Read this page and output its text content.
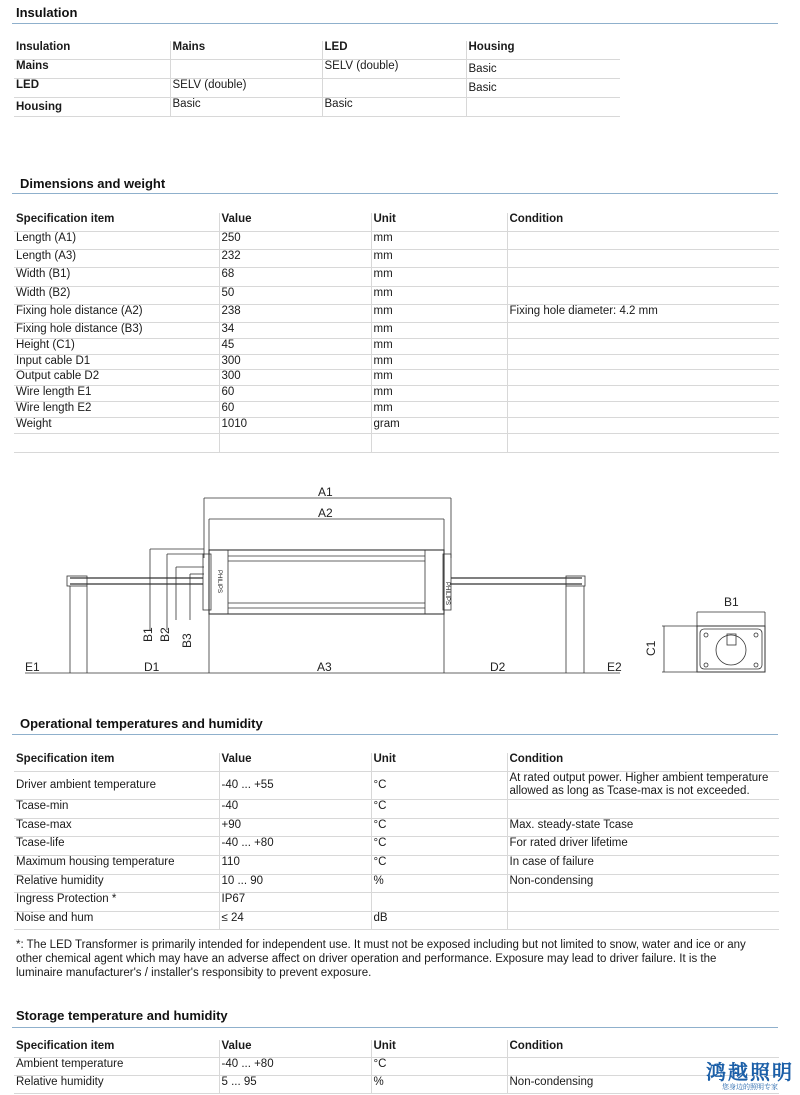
Insulation
Insulation	Mains	LED	Housing
Mains		SELV (double)	Basic
LED	SELV (double)		Basic
Housing	Basic	Basic	
Dimensions and weight
Specification item	Value	Unit	Condition
Length (A1)	250	mm	
Length (A3)	232	mm	
Width (B1)	68	mm	
Width (B2)	50	mm	
Fixing hole distance (A2)	238	mm	Fixing hole diameter: 4.2 mm
Fixing hole distance (B3)	34	mm	
Height (C1)	45	mm	
Input cable D1	300	mm	
Output cable D2	300	mm	
Wire length E1	60	mm	
Wire length E2	60	mm	
Weight	1010	gram	

PHILIPS
PHILIPS
A1
A2
A3
D1	D2
E1	E2
B1 B2 B3
B1
C1
Operational temperatures and humidity
Specification item	Value	Unit	Condition
Driver ambient temperature	-40 ... +55	°C	At rated output power. Higher ambient temperature allowed as long as Tcase-max is not exceeded.
Tcase-min	-40	°C	
Tcase-max	+90	°C	Max. steady-state Tcase
Tcase-life	-40 ... +80	°C	For rated driver lifetime
Maximum housing temperature	110	°C	In case of failure
Relative humidity	10 ... 90	%	Non-condensing
Ingress Protection *	IP67		
Noise and hum	≤ 24	dB	
*: The LED Transformer is primarily intended for independent use. It must not be exposed including but not limited to snow, water and ice or any other chemical agent which may have an adverse affect on driver operation and performance. Exposure may lead to driver failure. It is the luminaire manufacturer's / installer's responsibity to prevent exposure.
Storage temperature and humidity
Specification item	Value	Unit	Condition
Ambient temperature	-40 ... +80	°C	
Relative humidity	5 ... 95	%	Non-condensing	鸿越照明
您身边的照明专家
